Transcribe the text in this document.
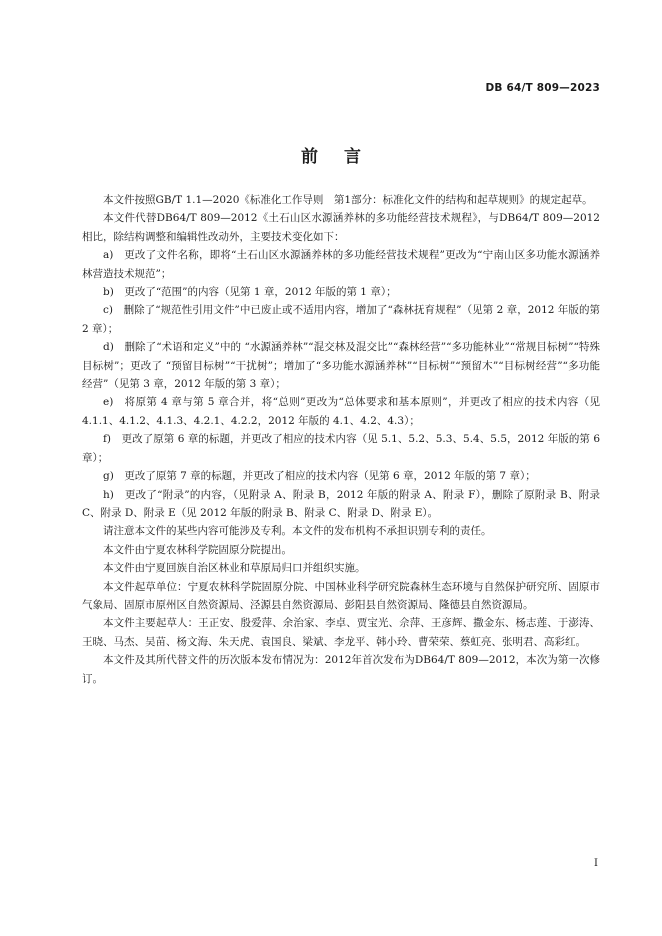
DB 64/T 809—2023
前言

本文件按照GB/T 1.1—2020《标准化工作导则　第1部分：标准化文件的结构和起草规则》的规定起草。

本文件代替DB64/T 809—2012《土石山区水源涵养林的多功能经营技术规程》，与DB64/T 809—2012相比，除结构调整和编辑性改动外，主要技术变化如下：

a)　更改了文件名称，即将“土石山区水源涵养林的多功能经营技术规程”更改为“宁南山区多功能水源涵养林营造技术规范”；

b)　更改了“范围”的内容（见第 1 章，2012 年版的第 1 章）；

c)　删除了“规范性引用文件”中已废止或不适用内容，增加了“森林抚育规程”（见第 2 章，2012 年版的第 2 章）；

d)　删除了“术语和定义”中的 “水源涵养林”“混交林及混交比”“森林经营”“多功能林业”“常规目标树”“特殊目标树”；更改了 “预留目标树”“干扰树”；增加了“多功能水源涵养林”“目标树”“预留木”“目标树经营”“多功能经营”（见第 3 章，2012 年版的第 3 章）；

e)　将原第 4 章与第 5 章合并，将“总则”更改为“总体要求和基本原则”，并更改了相应的技术内容（见 4.1.1、4.1.2、4.1.3、4.2.1、4.2.2，2012 年版的 4.1、4.2、4.3）；

f)　更改了原第 6 章的标题，并更改了相应的技术内容（见 5.1、5.2、5.3、5.4、5.5，2012 年版的第 6 章）；

g)　更改了原第 7 章的标题，并更改了相应的技术内容（见第 6 章，2012 年版的第 7 章）；

h)　更改了“附录”的内容，（见附录 A、附录 B，2012 年版的附录 A、附录 F），删除了原附录 B、附录 C、附录 D、附录 E（见 2012 年版的附录 B、附录 C、附录 D、附录 E）。

请注意本文件的某些内容可能涉及专利。本文件的发布机构不承担识别专利的责任。

本文件由宁夏农林科学院固原分院提出。

本文件由宁夏回族自治区林业和草原局归口并组织实施。

本文件起草单位：宁夏农林科学院固原分院、中国林业科学研究院森林生态环境与自然保护研究所、固原市气象局、固原市原州区自然资源局、泾源县自然资源局、彭阳县自然资源局、隆德县自然资源局。

本文件主要起草人：王正安、殷爱萍、余治家、李卓、贾宝光、佘萍、王彦辉、撒金东、杨志莲、于澎涛、王晓、马杰、吴苗、杨文海、朱天虎、袁国良、梁斌、李龙平、韩小玲、曹荣荣、蔡虹亮、张明君、高彩红。

本文件及其所代替文件的历次版本发布情况为：2012年首次发布为DB64/T 809—2012，本次为第一次修订。

I
